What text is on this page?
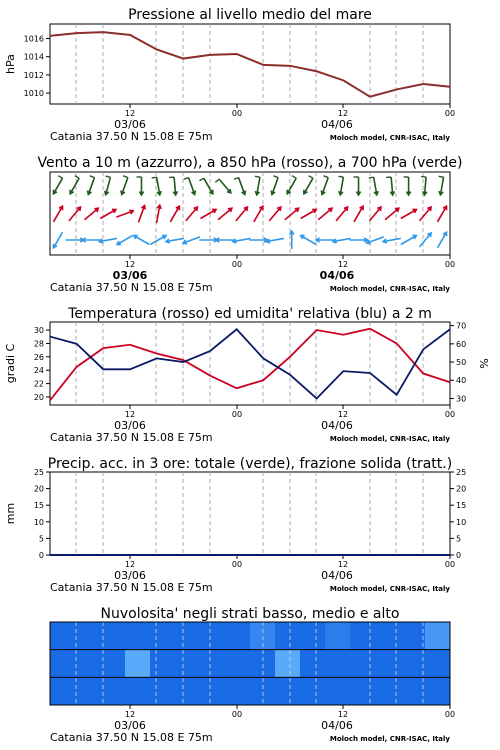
12	00	12	00
03/06	04/06
Catania 37.50 N 15.08 E 75m	Moloch model, CNR-ISAC, Italy
Pressione al livello medio del mare
1010
1012
1014
1016
hPa
12	00	12	00
03/06	04/06
Catania 37.50 N 15.08 E 75m	Moloch model, CNR-ISAC, Italy
Vento a 10 m (azzurro), a 850 hPa (rosso), a 700 hPa (verde)
12	00	12	00
03/06	04/06
Catania 37.50 N 15.08 E 75m	Moloch model, CNR-ISAC, Italy
Temperatura (rosso) ed umidita' relativa (blu) a 2 m
20
22
24
26
28
30
30
40
50
60
70
gradi C	%
12	00	12	00
03/06	04/06
Catania 37.50 N 15.08 E 75m	Moloch model, CNR-ISAC, Italy
Precip. acc. in 3 ore: totale (verde), frazione solida (tratt.)
0
5
10
15
20
25
0
5
10
15
20
25
mm
12	00	12	00
03/06	04/06
Catania 37.50 N 15.08 E 75m	Moloch model, CNR-ISAC, Italy
Nuvolosita' negli strati basso, medio e alto
